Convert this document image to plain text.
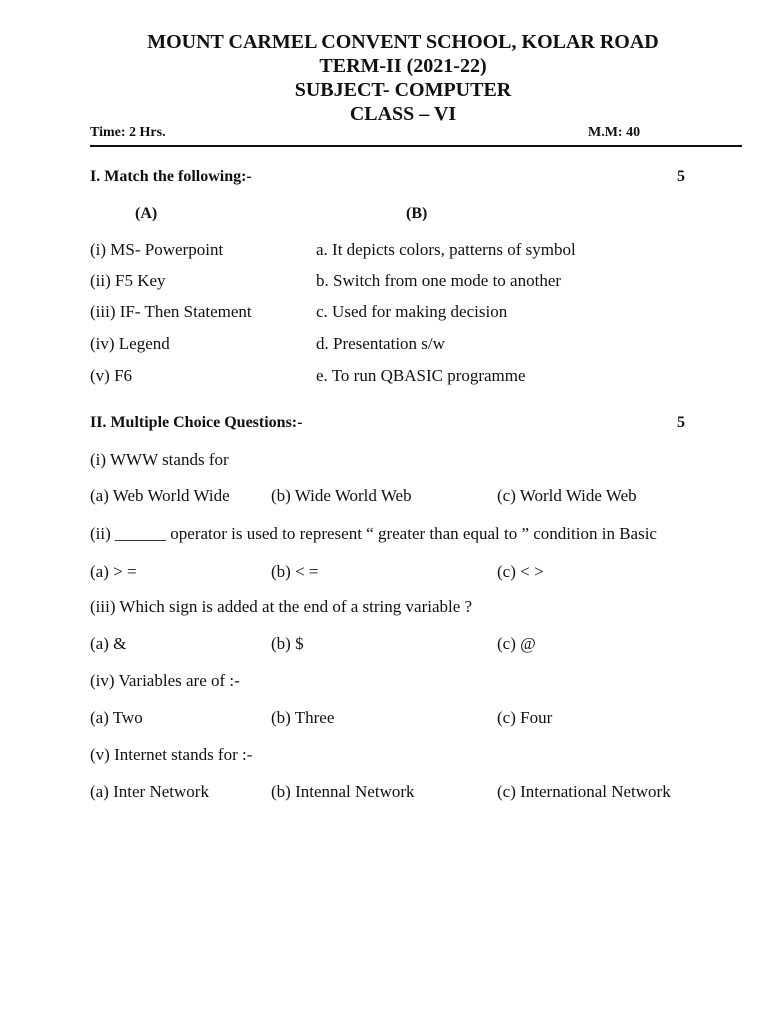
MOUNT CARMEL CONVENT SCHOOL, KOLAR ROAD
TERM-II (2021-22)
SUBJECT- COMPUTER
CLASS – VI
Time: 2 Hrs.	M.M: 40
I. Match the following:-	5
(A)	(B)
(i) MS- Powerpoint	a. It depicts colors, patterns of symbol
(ii) F5 Key	b. Switch from one mode to another
(iii) IF- Then Statement	c. Used for making decision
(iv) Legend	d. Presentation s/w
(v) F6	e. To run QBASIC programme
II. Multiple Choice Questions:-	5
(i) WWW stands for
(a) Web World Wide (b) Wide World Web	(c) World Wide Web
(ii) ______ operator is used to represent “ greater than equal to ” condition in Basic
(a) > =	(b) < =	(c) < >
(iii) Which sign is added at the end of a string variable ?
(a) &	(b) $	(c) @
(iv) Variables are of :-
(a) Two	(b) Three	(c) Four
(v) Internet stands for :-
(a) Inter Network	(b) Intennal Network	(c) International Network
